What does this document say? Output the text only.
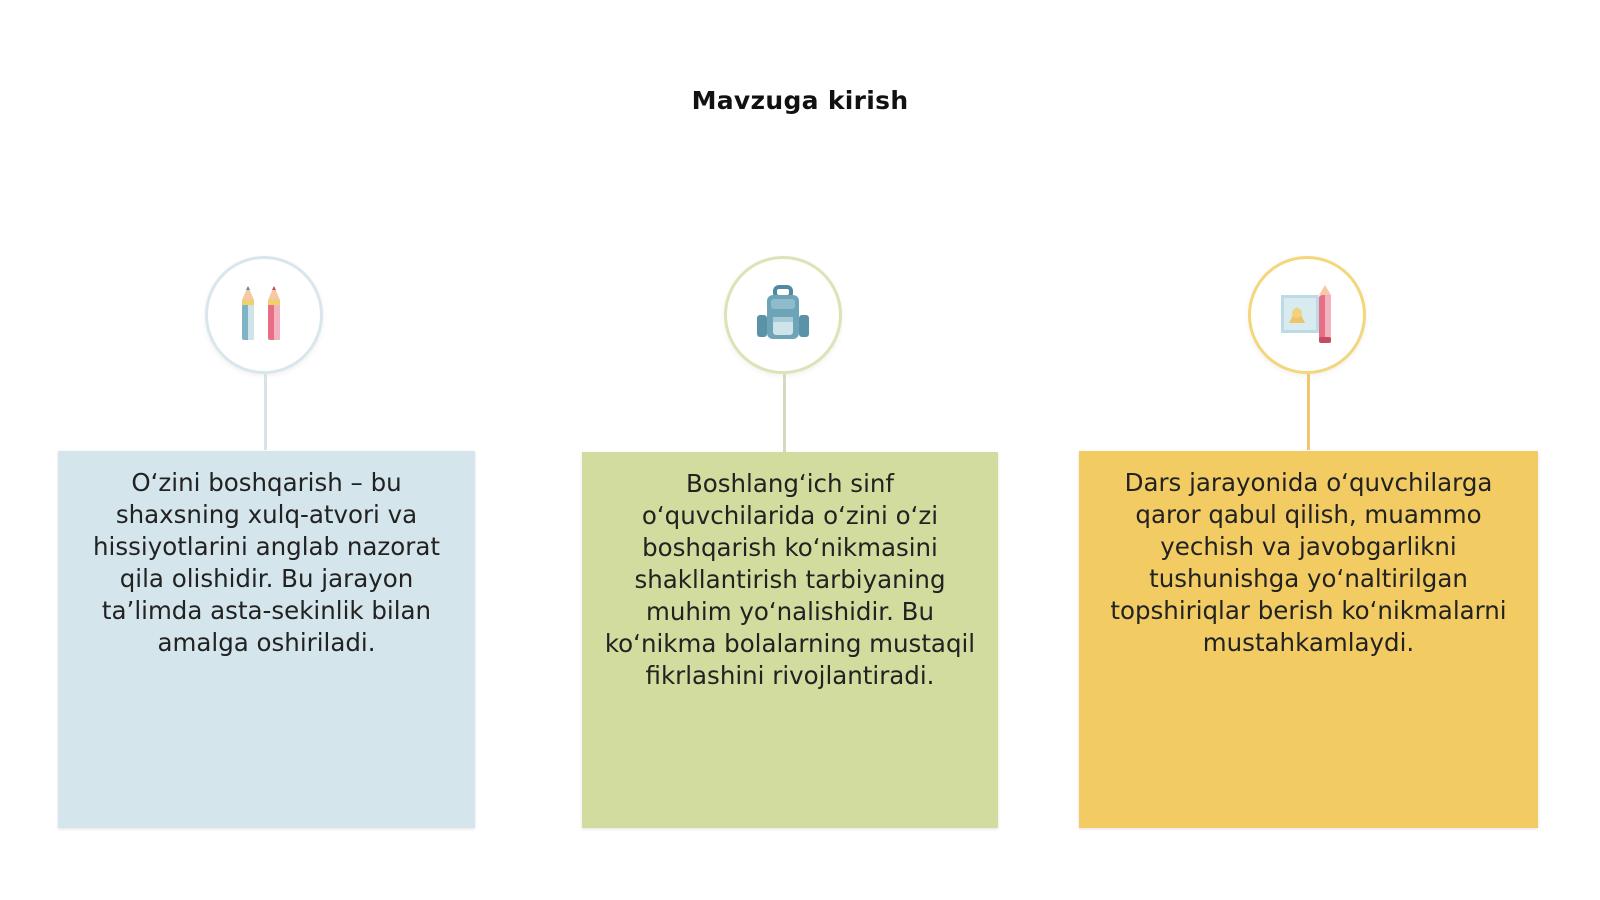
Mavzuga kirish
O‘zini boshqarish – bu shaxsning xulq-atvori va hissiyotlarini anglab nazorat qila olishidir. Bu jarayon ta’limda asta-sekinlik bilan amalga oshiriladi.
Boshlang‘ich sinf o‘quvchilarida o‘zini o‘zi boshqarish ko‘nikmasini shakllantirish tarbiyaning muhim yo‘nalishidir. Bu ko‘nikma bolalarning mustaqil fikrlashini rivojlantiradi.
Dars jarayonida o‘quvchilarga qaror qabul qilish, muammo yechish va javobgarlikni tushunishga yo‘naltirilgan topshiriqlar berish ko‘nikmalarni mustahkamlaydi.
